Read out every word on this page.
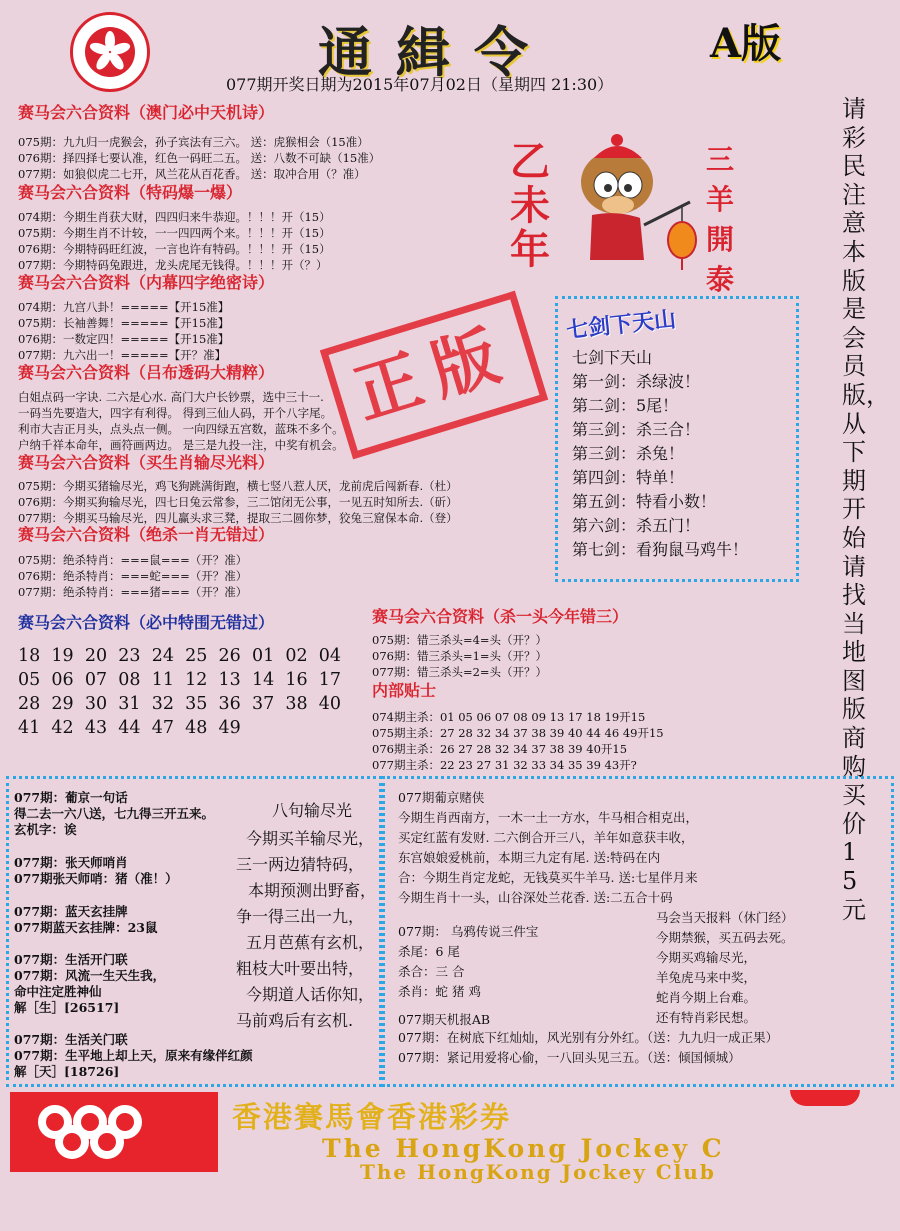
通緝令	A版
077期开奖日期为2015年07月02日（星期四 21:30）
请彩民注意本版是会员版，从下期开始请找当地图版商购买价15元
赛马会六合资料（澳门必中天机诗）
075期：九九归一虎猴会，孙子宾法有三六。 送：虎猴相会（15准）
076期：择四择七要认准，红色一码旺二五。 送：八数不可缺（15准）
077期：如狼似虎二七开，风兰花从百花香。 送：取冲合用（？准）
赛马会六合资料（特码爆一爆）
074期：今期生肖获大财，四四归来牛恭迎。！！！开（15）
075期：今期生肖不计较，一一四四两个来。！！！开（15）
076期：今期特码旺红波，一言也许有特码。！！！开（15）
077期：今期特码兔跟进，龙头虎尾无钱得。！！！开（？）
赛马会六合资料（内幕四字绝密诗）
074期：九宫八卦！=====【开15准】
075期：长袖善舞！=====【开15准】
076期：一数定四！=====【开15准】
077期：九六出一！=====【开？准】
赛马会六合资料（吕布透码大精粹）
白姐点码一字诀. 二六是心水. 高门大户长钞票，选中三十一.
一码当先要造大，四字有利得。 得到三仙人码，开个八字尾。
利市大吉正月头，点头点一侧。 一向四绿五宫数，蓝珠不多个。
户纳千祥本命年，画符画两边。 是三是九投一注，中奖有机会。
赛马会六合资料（买生肖输尽光料）
075期：今期买猪输尽光，鸡飞狗跳满街跑，横七竖八惹人厌，龙前虎后闯新春.（杜）
076期：今期买狗输尽光，四七日兔云常参，三二馆闭无公事，一见五时知所去.（斫）
077期：今期买马输尽光，四儿赢头求三凳，提取三二圆你梦，狡兔三窟保本命.（登）
赛马会六合资料（绝杀一肖无错过）
075期：绝杀特肖：===鼠===（开？准）
076期：绝杀特肖：===蛇===（开？准）
077期：绝杀特肖：===猪===（开？准）
正版
乙未年
三羊開泰
七剑下天山
七剑下天山
第一剑：杀绿波！
第二剑：5尾！
第三剑：杀三合！
第三剑：杀兔！
第四剑：特单！
第五剑：特看小数！
第六剑：杀五门！
第七剑：看狗鼠马鸡牛！
赛马会六合资料（必中特围无错过）
18 19 20 23 24 25 26 01 02 04
05 06 07 08 11 12 13 14 16 17
28 29 30 31 32 35 36 37 38 40
41 42 43 44 47 48 49
赛马会六合资料（杀一头今年错三）
075期：错三杀头=4=头（开？）
076期：错三杀头=1=头（开？）
077期：错三杀头=2=头（开？）
内部贴士
074期主杀：01 05 06 07 08 09 13 17 18 19开15
075期主杀：27 28 32 34 37 38 39 40 44 46 49开15
076期主杀：26 27 28 32 34 37 38 39 40开15
077期主杀：22 23 27 31 32 33 34 35 39 43开?
077期：葡京一句话
得二去一六八送，七九得三开五来。
玄机字：诶
077期：张天师哨肖
077期张天师哨：猪（准！）
077期：蓝天玄挂牌
077期蓝天玄挂牌：23鼠
077期：生活开门联
077期：风流一生天生我，
命中注定胜神仙
解［生］[26517]
077期：生活关门联
077期：生平地上却上天，原来有缘伴红颜
解［天］[18726]
八句输尽光
今期买羊输尽光，
三一两边猜特码，
本期预测出野畜，
争一得三出一九，
五月芭蕉有玄机，
粗枝大叶要出特，
今期道人话你知，
马前鸡后有玄机.
077期葡京赌侠
今期生肖西南方，一木一土一方水，牛马相合相克出，
买定红蓝有发财. 二六倒合开三八，羊年如意获丰收，
东宫娘娘爱桃前，本期三九定有尾. 送:特码在内
合：今期生肖定龙蛇，无钱莫买牛羊马. 送:七星伴月来
今期生肖十一头，山谷深处兰花香. 送:二五合十码
077期： 乌鸦传说三件宝
杀尾：6 尾
杀合：三 合
杀肖：蛇 猪 鸡
马会当天报料（休门经）
今期禁猴，买五码去死。
今期买鸡输尽光，
羊兔虎马来中奖，
蛇肖今期上台难。
还有特肖彩民想。
077期天机报AB
077期：在树底下红灿灿，风光别有分外红。（送：九九归一成正果）
077期：紧记用爱将心偷，一八回头见三五。（送：倾国倾城）
香港賽馬會香港彩券
The HongKong Jockey C
The HongKong Jockey Club
